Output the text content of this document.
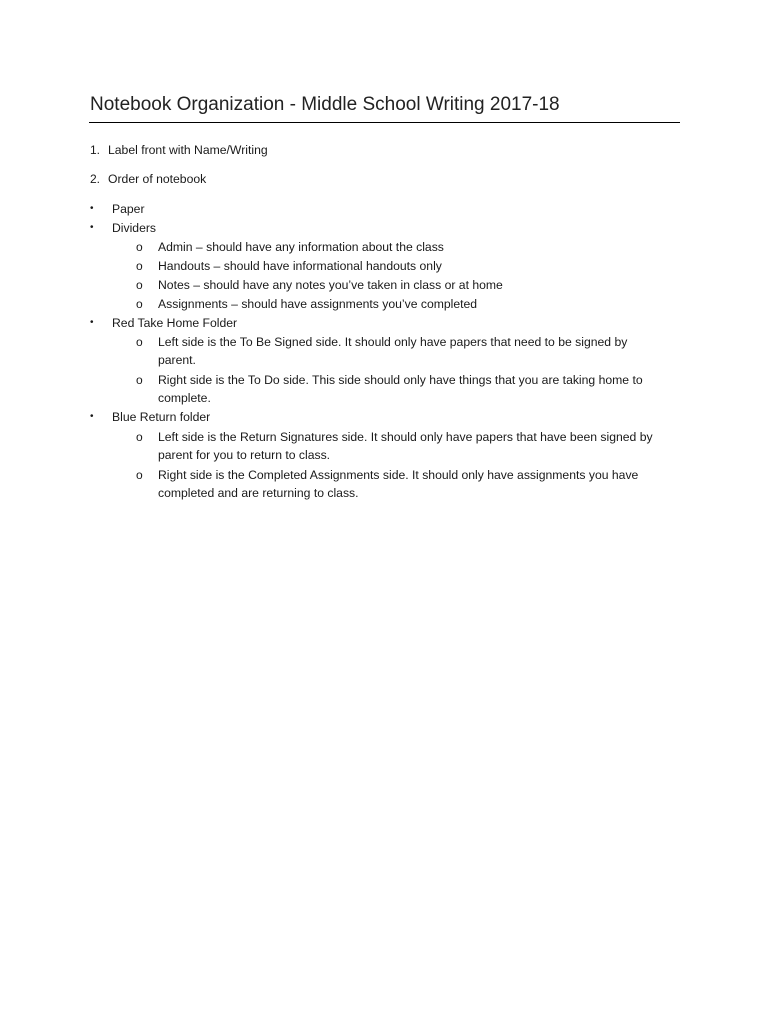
Notebook Organization - Middle School Writing 2017-18
1. Label front with Name/Writing
2. Order of notebook
• Paper
• Dividers
o Admin – should have any information about the class
o Handouts – should have informational handouts only
o Notes – should have any notes you’ve taken in class or at home
o Assignments – should have assignments you’ve completed
• Red Take Home Folder
o Left side is the To Be Signed side. It should only have papers that need to be signed by
parent.
o Right side is the To Do side. This side should only have things that you are taking home to
complete.
• Blue Return folder
o Left side is the Return Signatures side. It should only have papers that have been signed by
parent for you to return to class.
o Right side is the Completed Assignments side. It should only have assignments you have
completed and are returning to class.
